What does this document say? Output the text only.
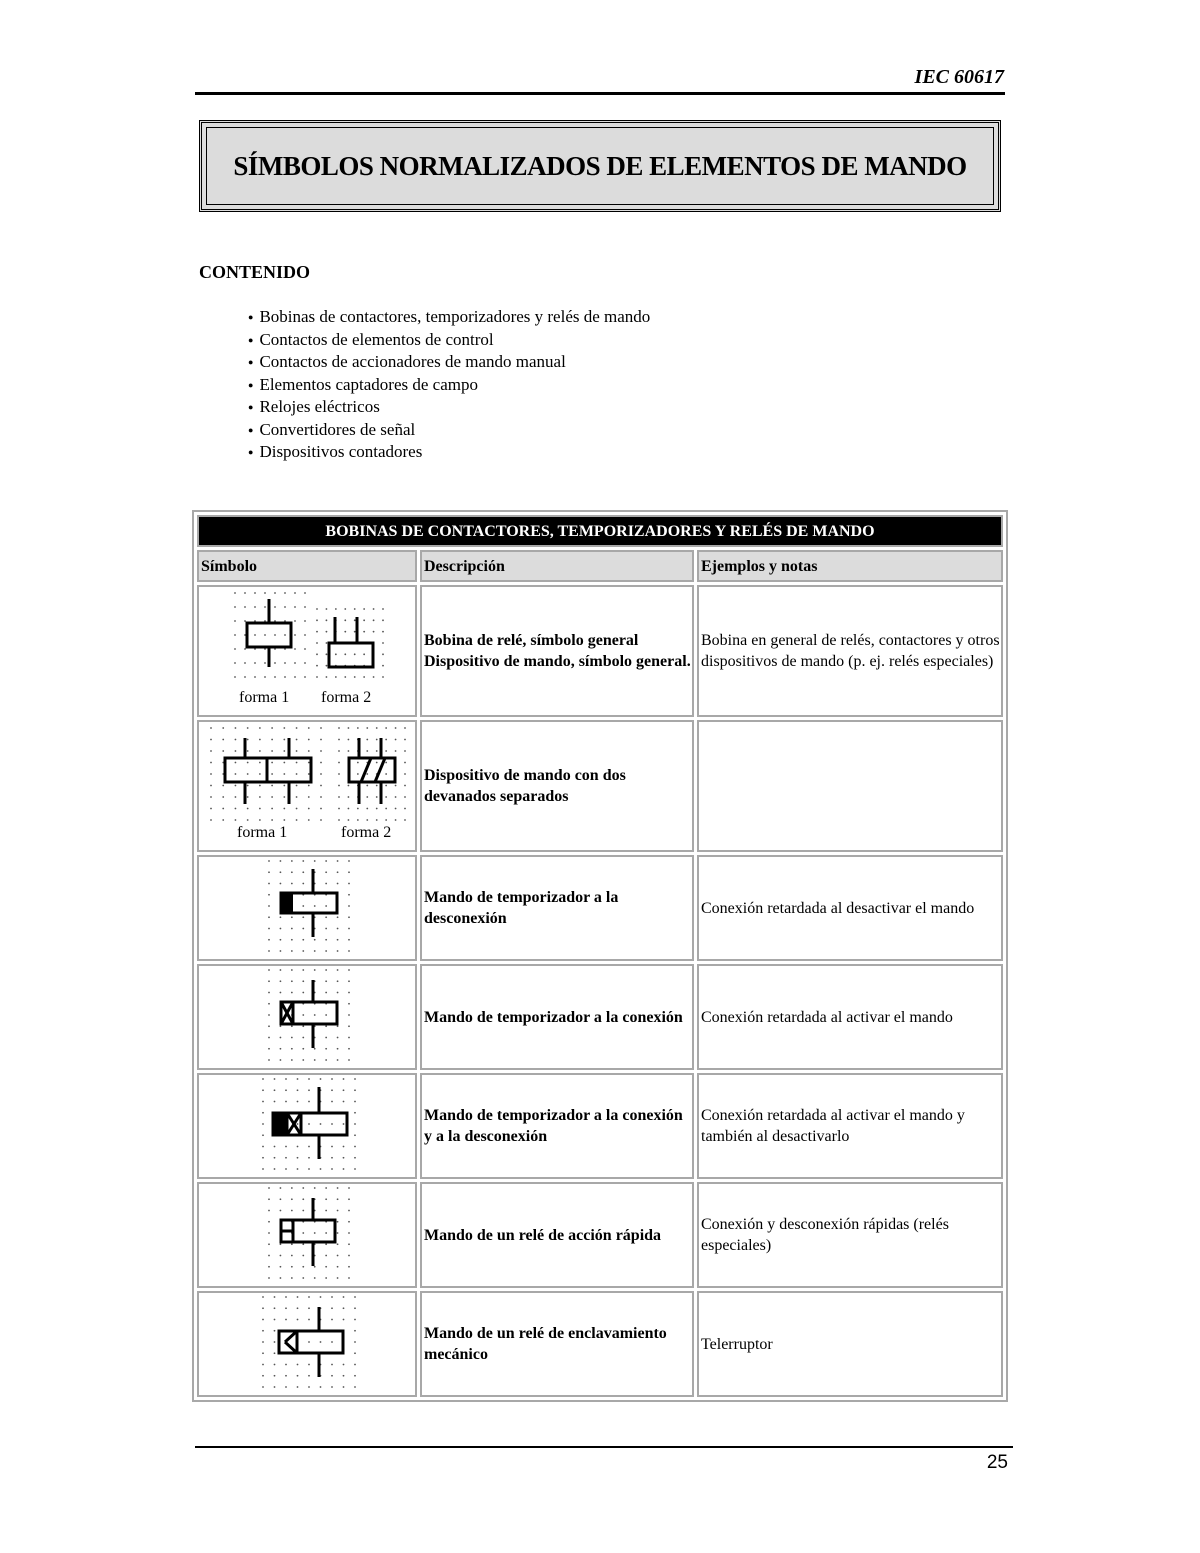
IEC 60617
SÍMBOLOS NORMALIZADOS DE ELEMENTOS DE MANDO
CONTENIDO
● Bobinas de contactores, temporizadores y relés de mando
● Contactos de elementos de control
● Contactos de accionadores de mando manual
● Elementos captadores de campo
● Relojes eléctricos
● Convertidores de señal
● Dispositivos contadores
BOBINAS DE CONTACTORES, TEMPORIZADORES Y RELÉS DE MANDO		
Símbolo	Descripción	Ejemplos y notas

forma 1 forma 2	Bobina de relé, símbolo general Dispositivo de mando, símbolo general.	Bobina en general de relés, contactores y otros dispositivos de mando (p. ej. relés especiales)

forma 1 forma 2	Dispositivo de mando con dos devanados separados	
	Mando de temporizador a la desconexión	Conexión retardada al desactivar el mando
	Mando de temporizador a la conexión	Conexión retardada al activar el mando
	Mando de temporizador a la conexión y a la desconexión	Conexión retardada al activar el mando y también al desactivarlo
	Mando de un relé de acción rápida	Conexión y desconexión rápidas (relés especiales)
	Mando de un relé de enclavamiento mecánico	Telerruptor
25
